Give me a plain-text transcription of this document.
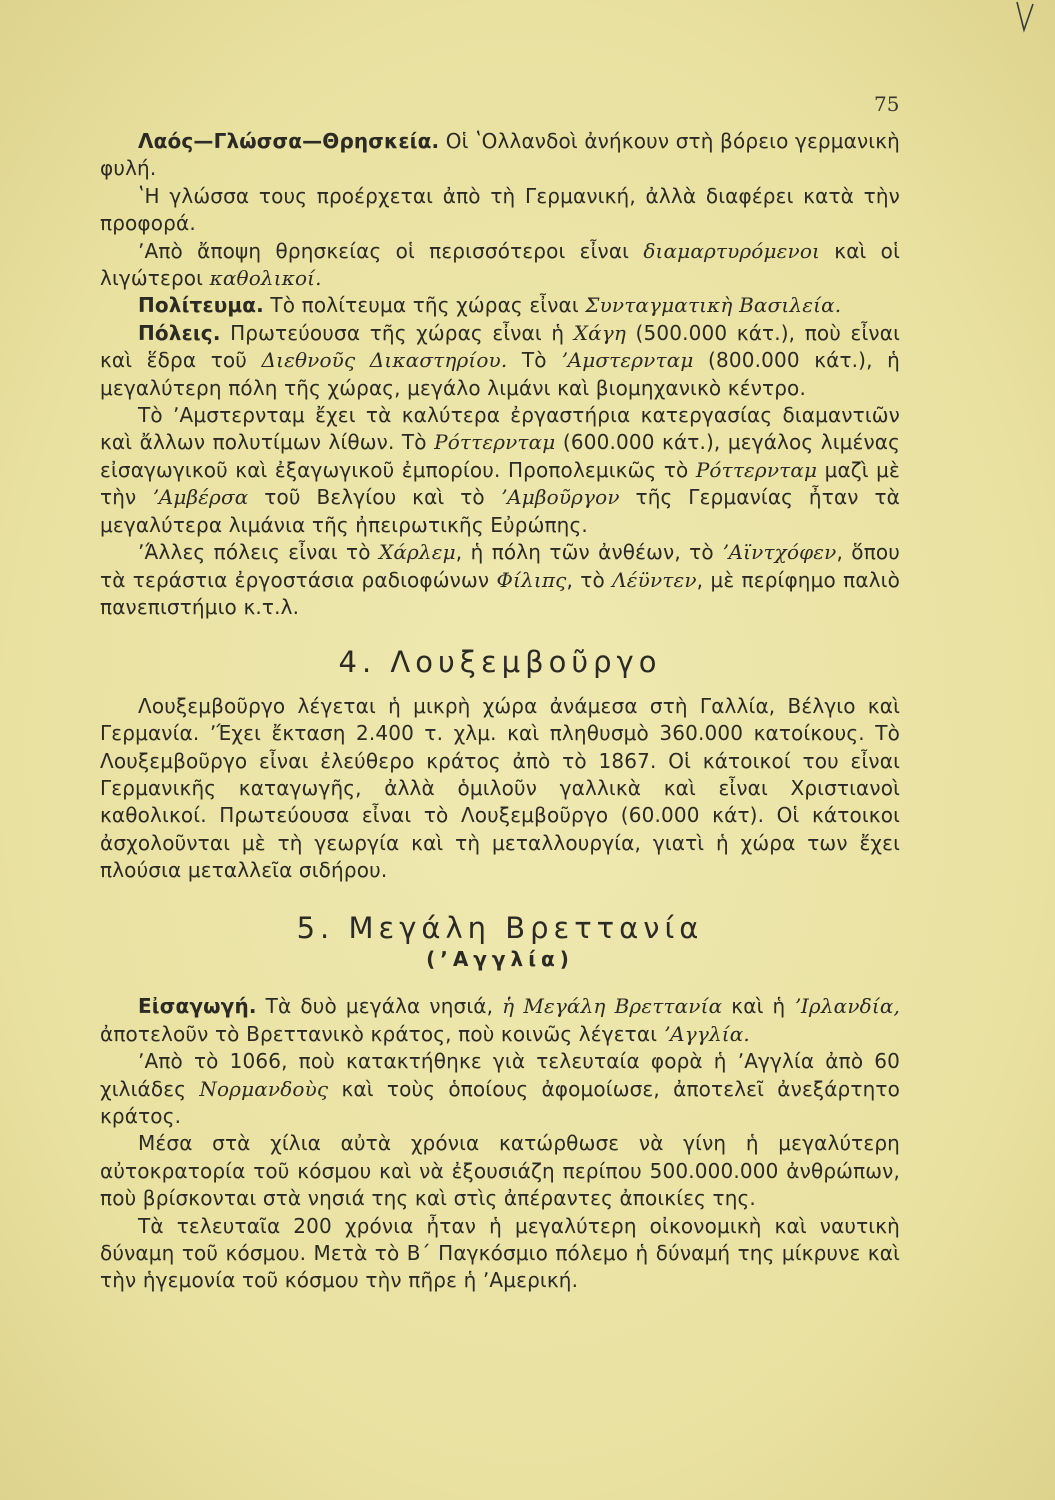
75

Λαός—Γλώσσα—Θρησκεία. Οἱ ʽΟλλανδοὶ ἀνήκουν στὴ βόρειο γερμανικὴ φυλή.

ʽΗ γλώσσα τους προέρχεται ἀπὸ τὴ Γερμανική, ἀλλὰ διαφέρει κατὰ τὴν προφορά.

ʼΑπὸ ἄποψη θρησκείας οἱ περισσότεροι εἶναι διαμαρτυρόμενοι καὶ οἱ λιγώτεροι καθολικοί.

Πολίτευμα. Τὸ πολίτευμα τῆς χώρας εἶναι Συνταγματικὴ Βασιλεία.

Πόλεις. Πρωτεύουσα τῆς χώρας εἶναι ἡ Χάγη (500.000 κάτ.), ποὺ εἶναι καὶ ἕδρα τοῦ Διεθνοῦς Δικαστηρίου. Τὸ ʼΑμστερνταμ (800.000 κάτ.), ἡ μεγαλύτερη πόλη τῆς χώρας, μεγάλο λιμάνι καὶ βιομηχανικὸ κέντρο.

Τὸ ʼΑμστερνταμ ἔχει τὰ καλύτερα ἐργαστήρια κατεργασίας διαμαντιῶν καὶ ἄλλων πολυτίμων λίθων. Τὸ Ρόττερνταμ (600.000 κάτ.), μεγάλος λιμένας εἰσαγωγικοῦ καὶ ἐξαγωγικοῦ ἐμπορίου. Προπολεμικῶς τὸ Ρόττερνταμ μαζὶ μὲ τὴν ʼΑμβέρσα τοῦ Βελγίου καὶ τὸ ʼΑμβοῦργον τῆς Γερμανίας ἦταν τὰ μεγαλύτερα λιμάνια τῆς ἠπειρωτικῆς Εὐρώπης.

ʼΆλλες πόλεις εἶναι τὸ Χάρλεμ, ἡ πόλη τῶν ἀνθέων, τὸ ʼΑϊντχόφεν, ὅπου τὰ τεράστια ἐργοστάσια ραδιοφώνων Φίλιπς, τὸ Λέϋντεν, μὲ περίφημο παλιὸ πανεπιστήμιο κ.τ.λ.

4. Λουξεμβοῦργο

Λουξεμβοῦργο λέγεται ἡ μικρὴ χώρα ἀνάμεσα στὴ Γαλλία, Βέλγιο καὶ Γερμανία. ʼΈχει ἔκταση 2.400 τ. χλμ. καὶ πληθυσμὸ 360.000 κατοίκους. Τὸ Λουξεμβοῦργο εἶναι ἐλεύθερο κράτος ἀπὸ τὸ 1867. Οἱ κάτοικοί του εἶναι Γερμανικῆς καταγωγῆς, ἀλλὰ ὁμιλοῦν γαλλικὰ καὶ εἶναι Χριστιανοὶ καθολικοί. Πρωτεύουσα εἶναι τὸ Λουξεμβοῦργο (60.000 κάτ). Οἱ κάτοικοι ἀσχολοῦνται μὲ τὴ γεωργία καὶ τὴ μεταλλουργία, γιατὶ ἡ χώρα των ἔχει πλούσια μεταλλεῖα σιδήρου.

5. Μεγάλη Βρεττανία
(ʼΑγγλία)

Εἰσαγωγή. Τὰ δυὸ μεγάλα νησιά, ἡ Μεγάλη Βρεττανία καὶ ἡ ʼΙρλανδία, ἀποτελοῦν τὸ Βρεττανικὸ κράτος, ποὺ κοινῶς λέγεται ʼΑγγλία.

ʼΑπὸ τὸ 1066, ποὺ κατακτήθηκε γιὰ τελευταία φορὰ ἡ ʼΑγγλία ἀπὸ 60 χιλιάδες Νορμανδοὺς καὶ τοὺς ὁποίους ἀφομοίωσε, ἀποτελεῖ ἀνεξάρτητο κράτος.

Μέσα στὰ χίλια αὐτὰ χρόνια κατώρθωσε νὰ γίνη ἡ μεγαλύτερη αὐτοκρατορία τοῦ κόσμου καὶ νὰ ἐξουσιάζη περίπου 500.000.000 ἀνθρώπων, ποὺ βρίσκονται στὰ νησιά της καὶ στὶς ἀπέραντες ἀποικίες της.

Τὰ τελευταῖα 200 χρόνια ἦταν ἡ μεγαλύτερη οἰκονομικὴ καὶ ναυτικὴ δύναμη τοῦ κόσμου. Μετὰ τὸ Β΄ Παγκόσμιο πόλεμο ἡ δύναμή της μίκρυνε καὶ τὴν ἡγεμονία τοῦ κόσμου τὴν πῆρε ἡ ʼΑμερική.
